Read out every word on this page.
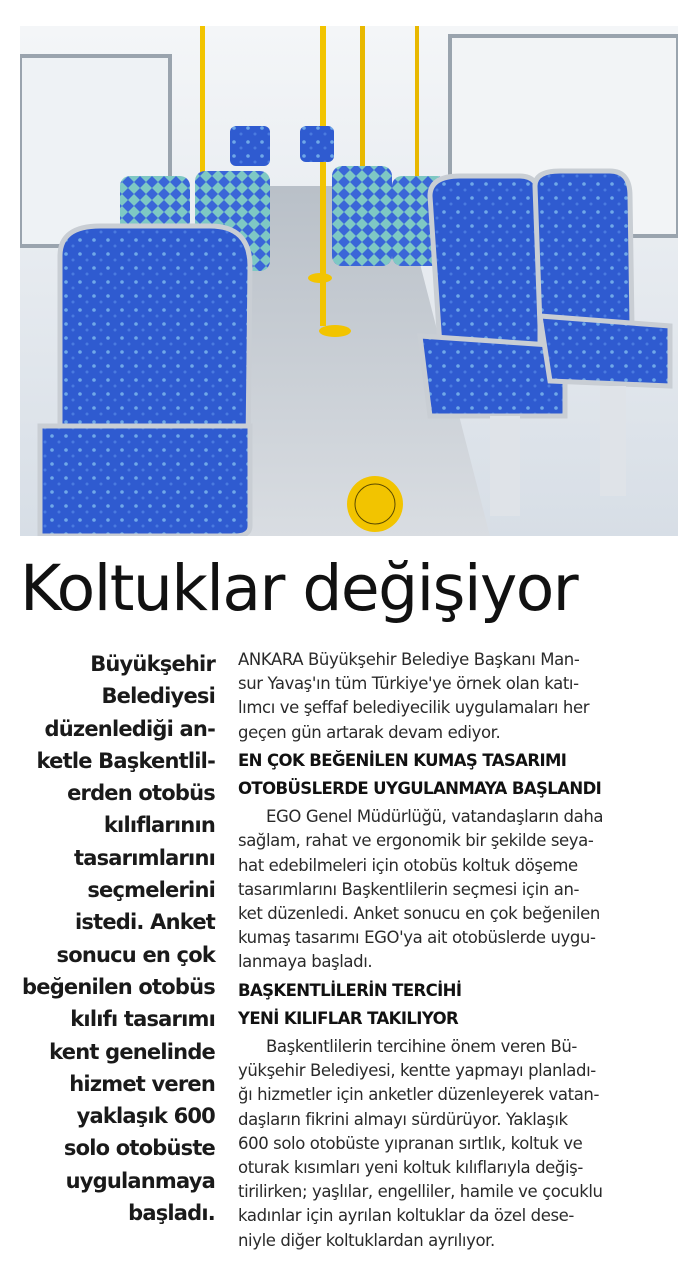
Koltuklar değişiyor
Büyükşehir
Belediyesi
düzenlediği an-
ketle Başkentlil-
erden otobüs
kılıflarının
tasarımlarını
seçmelerini
istedi. Anket
sonucu en çok
beğenilen otobüs
kılıfı tasarımı
kent genelinde
hizmet veren
yaklaşık 600
solo otobüste
uygulanmaya
başladı.
ANKARA Büyükşehir Belediye Başkanı Man-
sur Yavaş'ın tüm Türkiye'ye örnek olan katı-
lımcı ve şeffaf belediyecilik uygulamaları her
geçen gün artarak devam ediyor.
EN ÇOK BEĞENİLEN KUMAŞ TASARIMI
OTOBÜSLERDE UYGULANMAYA BAŞLANDI
EGO Genel Müdürlüğü, vatandaşların daha
sağlam, rahat ve ergonomik bir şekilde seya-
hat edebilmeleri için otobüs koltuk döşeme
tasarımlarını Başkentlilerin seçmesi için an-
ket düzenledi. Anket sonucu en çok beğenilen
kumaş tasarımı EGO'ya ait otobüslerde uygu-
lanmaya başladı.
BAŞKENTLİLERİN TERCİHİ
YENİ KILIFLAR TAKILIYOR
Başkentlilerin tercihine önem veren Bü-
yükşehir Belediyesi, kentte yapmayı planladı-
ğı hizmetler için anketler düzenleyerek vatan-
daşların fikrini almayı sürdürüyor. Yaklaşık
600 solo otobüste yıpranan sırtlık, koltuk ve
oturak kısımları yeni koltuk kılıflarıyla değiş-
tirilirken; yaşlılar, engelliler, hamile ve çocuklu
kadınlar için ayrılan koltuklar da özel dese-
niyle diğer koltuklardan ayrılıyor.
